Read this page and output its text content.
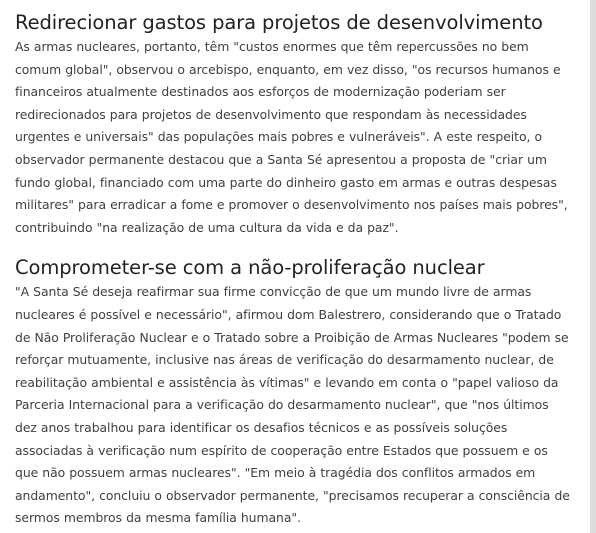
Redirecionar gastos para projetos de desenvolvimento

As armas nucleares, portanto, têm "custos enormes que têm repercussões no bem comum global", observou o arcebispo, enquanto, em vez disso, "os recursos humanos e financeiros atualmente destinados aos esforços de modernização poderiam ser redirecionados para projetos de desenvolvimento que respondam às necessidades urgentes e universais" das populações mais pobres e vulneráveis". A este respeito, o observador permanente destacou que a Santa Sé apresentou a proposta de "criar um fundo global, financiado com uma parte do dinheiro gasto em armas e outras despesas militares" para erradicar a fome e promover o desenvolvimento nos países mais pobres", contribuindo "na realização de uma cultura da vida e da paz".

Comprometer-se com a não-proliferação nuclear

"A Santa Sé deseja reafirmar sua firme convicção de que um mundo livre de armas nucleares é possível e necessário", afirmou dom Balestrero, considerando que o Tratado de Não Proliferação Nuclear e o Tratado sobre a Proibição de Armas Nucleares "podem se reforçar mutuamente, inclusive nas áreas de verificação do desarmamento nuclear, de reabilitação ambiental e assistência às vítimas" e levando em conta o "papel valioso da Parceria Internacional para a verificação do desarmamento nuclear", que "nos últimos dez anos trabalhou para identificar os desafios técnicos e as possíveis soluções associadas à verificação num espírito de cooperação entre Estados que possuem e os que não possuem armas nucleares". "Em meio à tragédia dos conflitos armados em andamento", concluiu o observador permanente, "precisamos recuperar a consciência de sermos membros da mesma família humana".
